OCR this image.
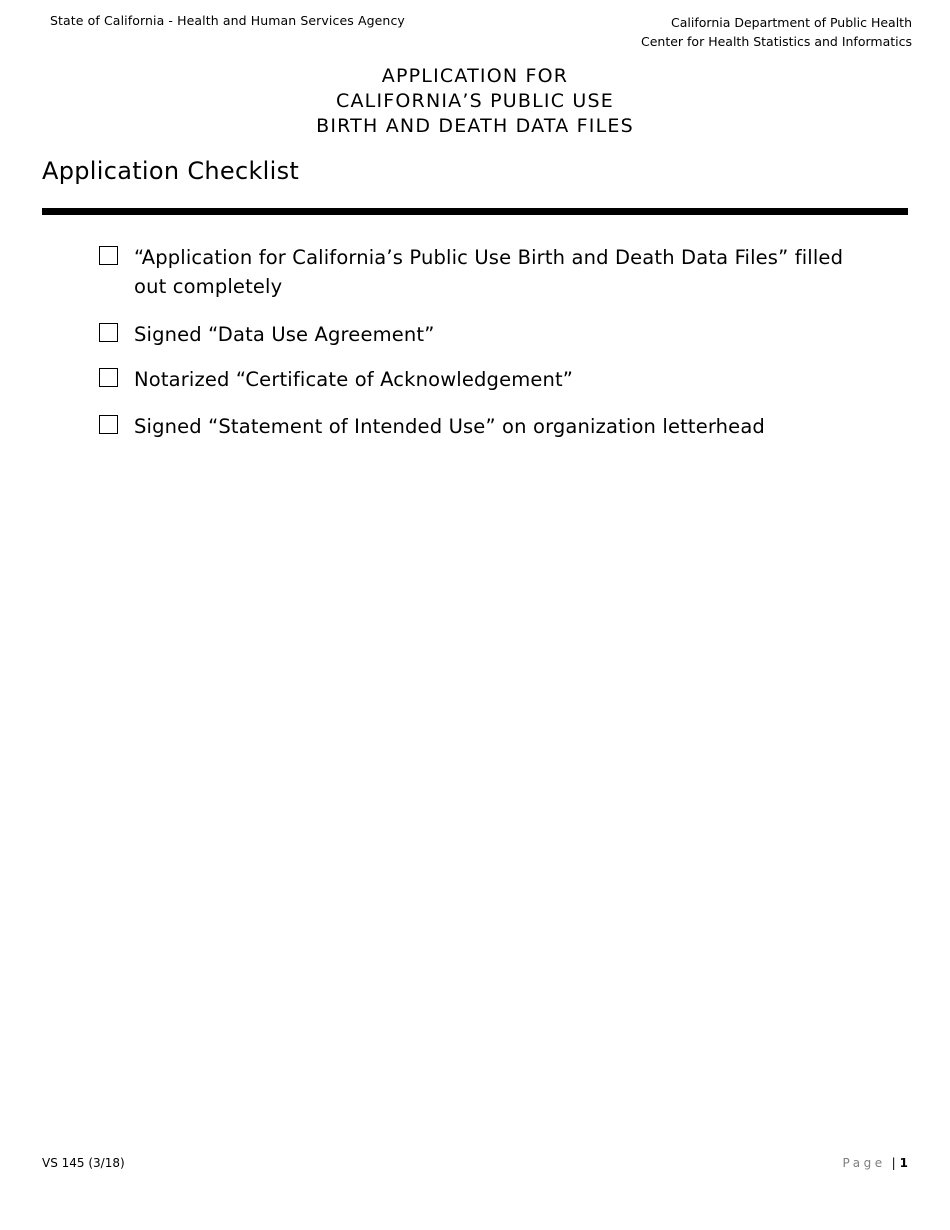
State of California - Health and Human Services Agency	California Department of Public Health
Center for Health Statistics and Informatics
APPLICATION FOR
CALIFORNIA’S PUBLIC USE
BIRTH AND DEATH DATA FILES
Application Checklist
“Application for California’s Public Use Birth and Death Data Files” filled out completely
Signed “Data Use Agreement”
Notarized “Certificate of Acknowledgement”
Signed “Statement of Intended Use” on organization letterhead
VS 145 (3/18)	Page | 1
